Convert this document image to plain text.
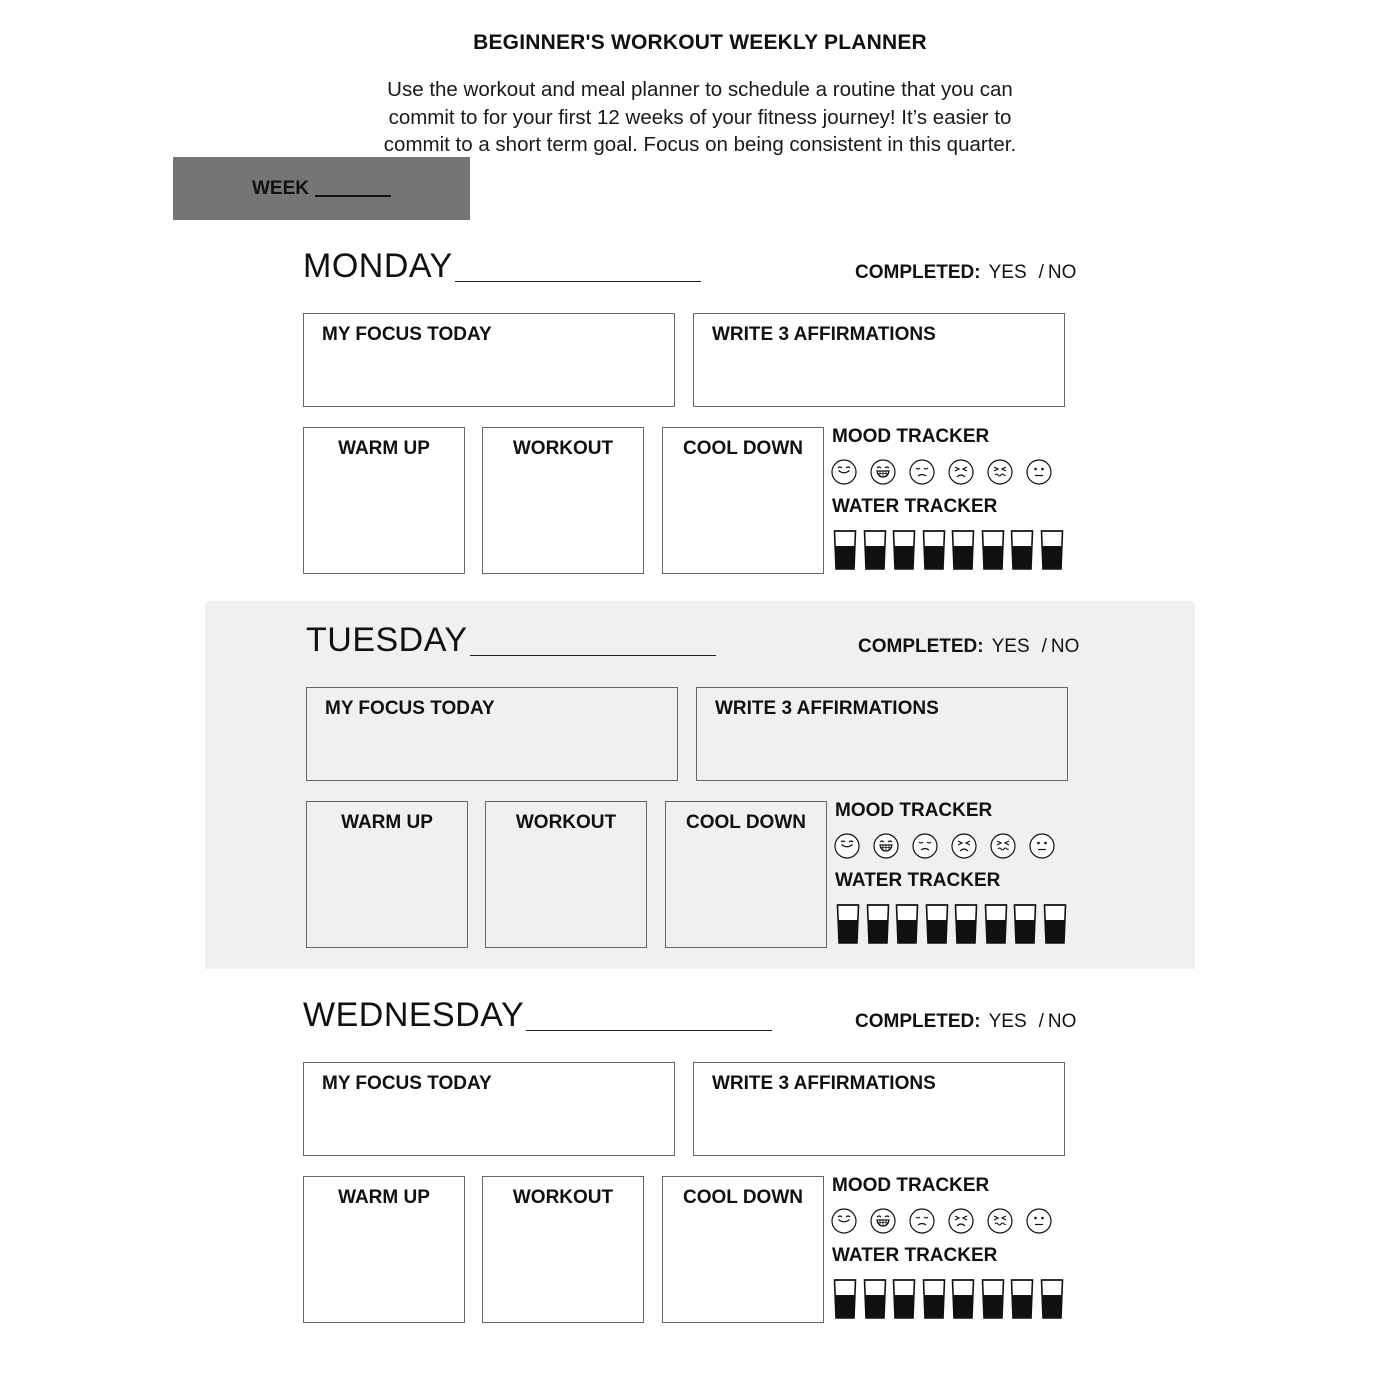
BEGINNER'S WORKOUT WEEKLY PLANNER
Use the workout and meal planner to schedule a routine that you can commit to for your first 12 weeks of your fitness journey! It’s easier to commit to a short term goal. Focus on being consistent in this quarter.
WEEK
MONDAY	COMPLETED: YES / NO
MY FOCUS TODAY	WRITE 3 AFFIRMATIONS
WARM UP	WORKOUT	COOL DOWN
MOOD TRACKER
WATER TRACKER
TUESDAY	COMPLETED: YES / NO
MY FOCUS TODAY	WRITE 3 AFFIRMATIONS
WARM UP	WORKOUT	COOL DOWN
MOOD TRACKER
WATER TRACKER
WEDNESDAY	COMPLETED: YES / NO
MY FOCUS TODAY	WRITE 3 AFFIRMATIONS
WARM UP	WORKOUT	COOL DOWN
MOOD TRACKER
WATER TRACKER
